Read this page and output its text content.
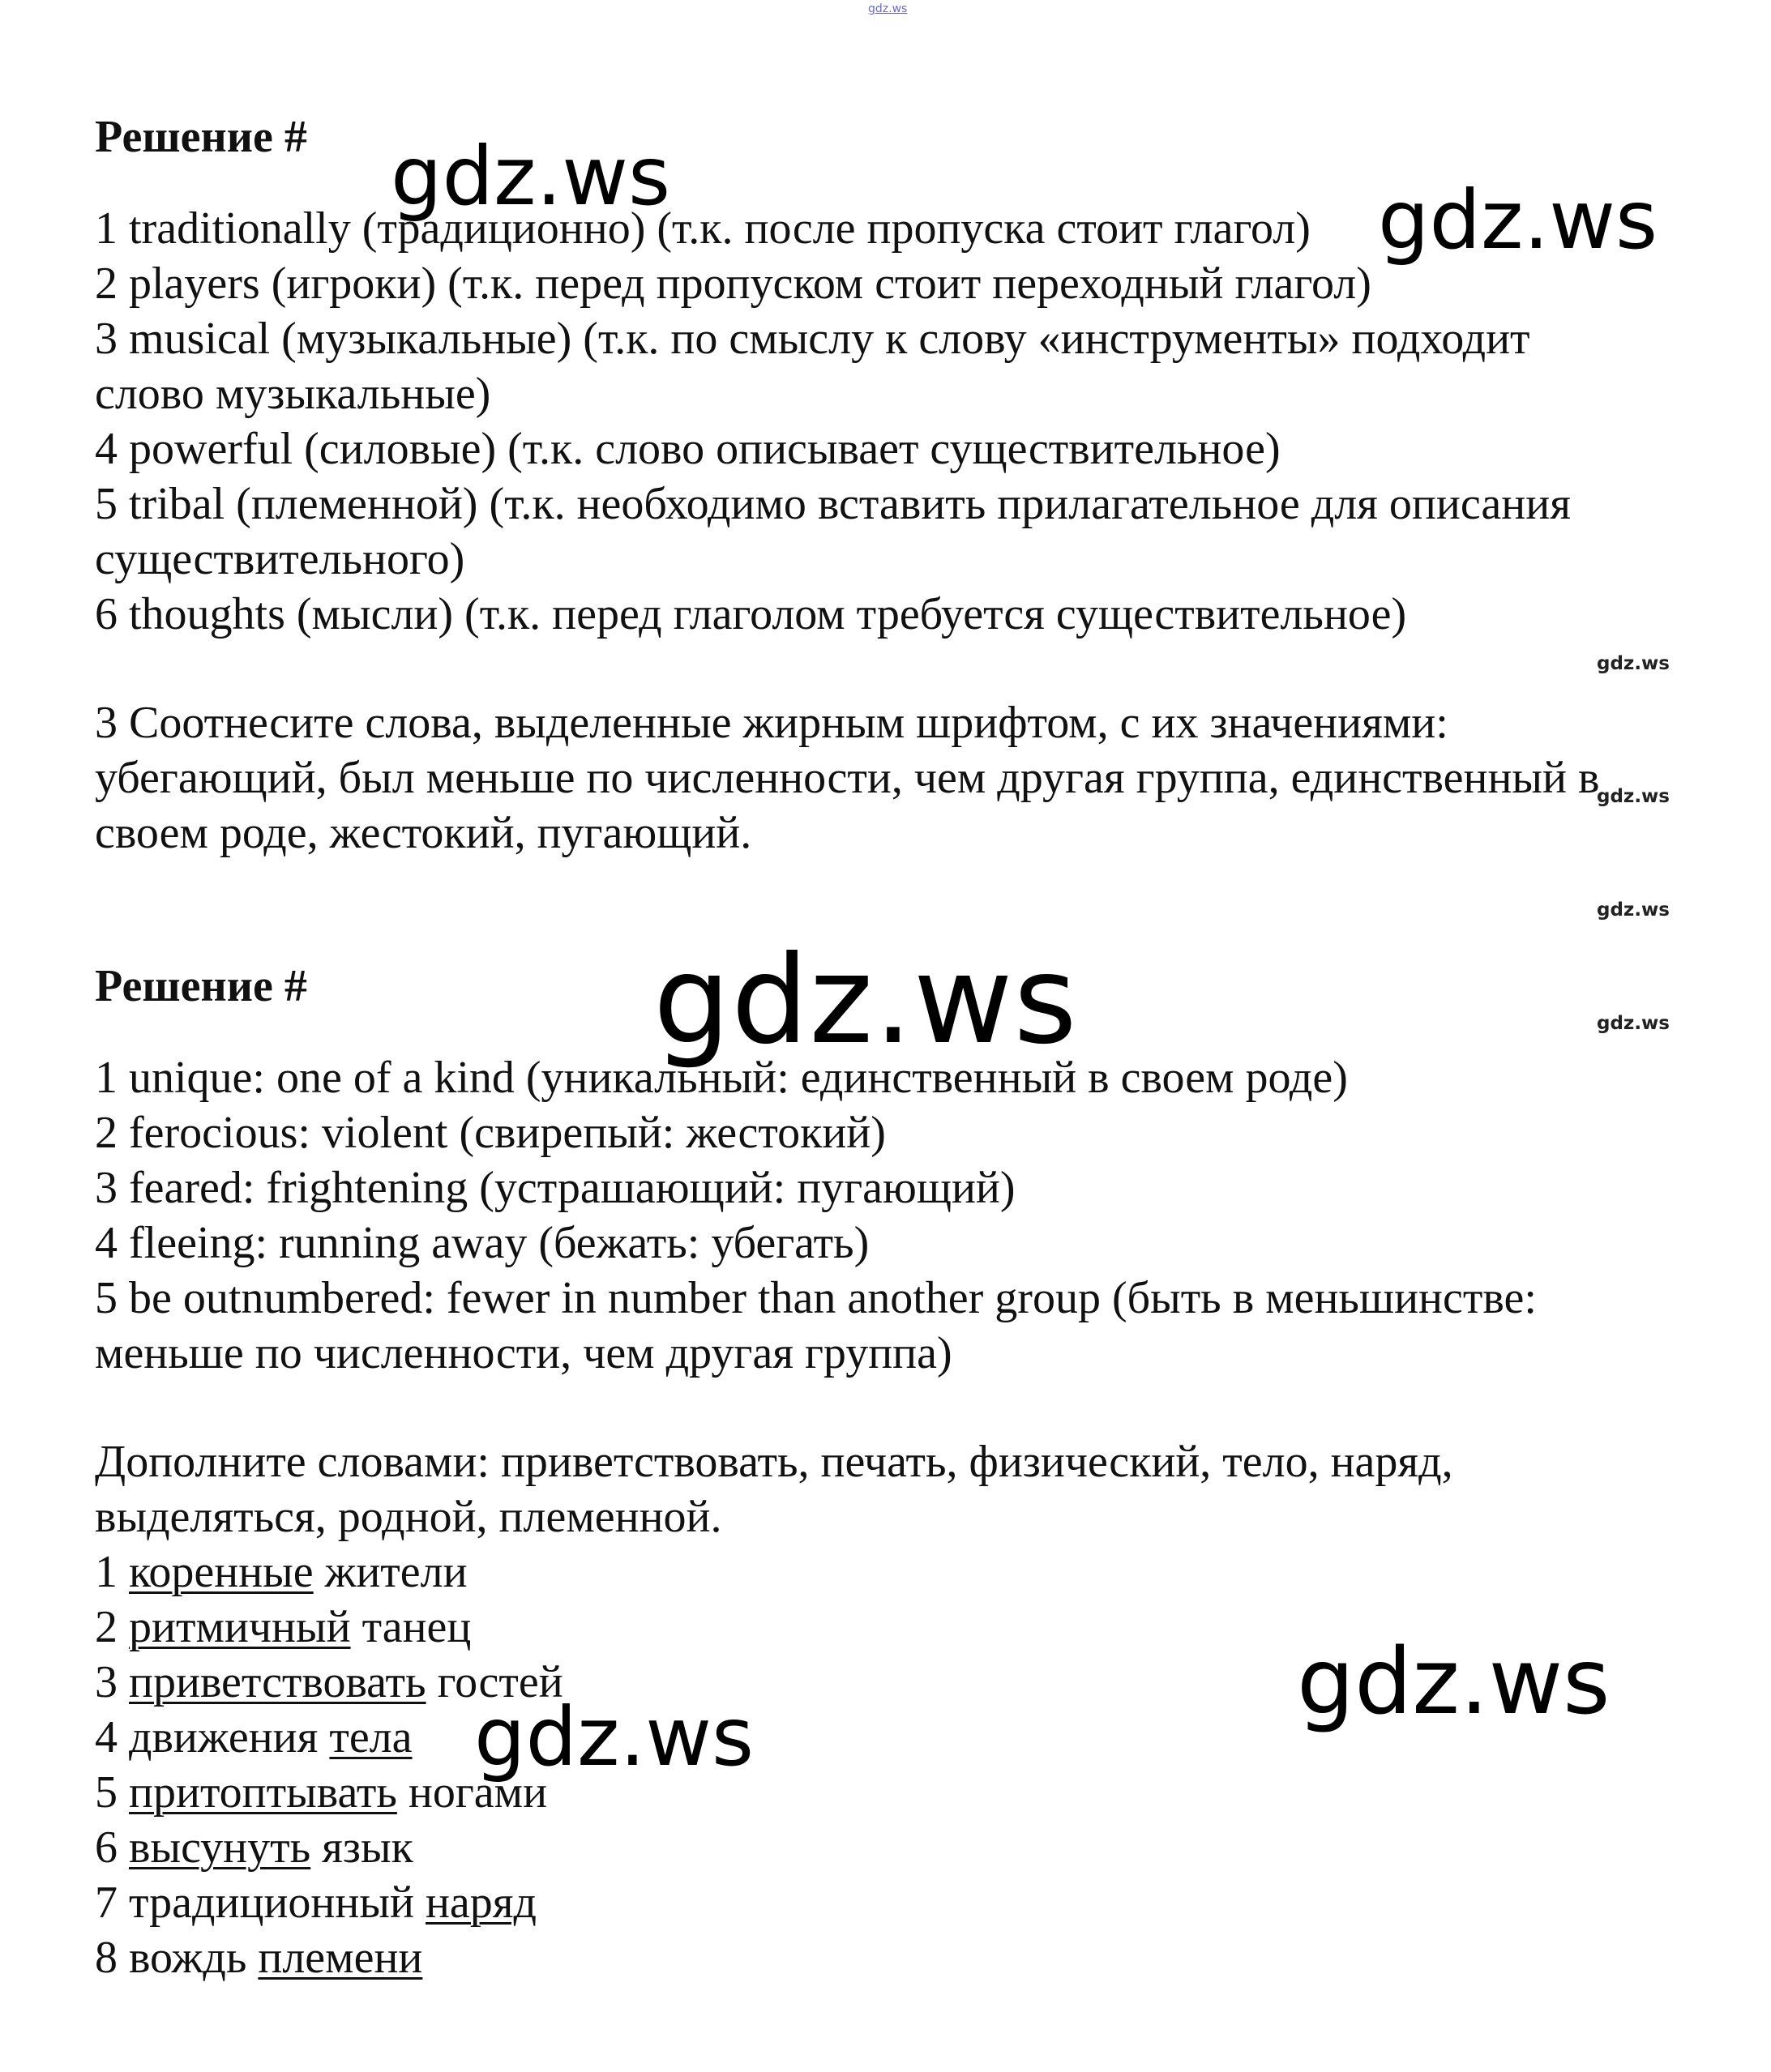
gdz.ws
Решение #
1 traditionally (традиционно) (т.к. после пропуска стоит глагол)
2 players (игроки) (т.к. перед пропуском стоит переходный глагол)
3 musical (музыкальные) (т.к. по смыслу к слову «инструменты» подходит
слово музыкальные)
4 powerful (силовые) (т.к. слово описывает существительное)
5 tribal (племенной) (т.к. необходимо вставить прилагательное для описания
существительного)
6 thoughts (мысли) (т.к. перед глаголом требуется существительное)
3 Соотнесите слова, выделенные жирным шрифтом, с их значениями:
убегающий, был меньше по численности, чем другая группа, единственный в
своем роде, жестокий, пугающий.
Решение #
1 unique: one of a kind (уникальный: единственный в своем роде)
2 ferocious: violent (свирепый: жестокий)
3 feared: frightening (устрашающий: пугающий)
4 fleeing: running away (бежать: убегать)
5 be outnumbered: fewer in number than another group (быть в меньшинстве:
меньше по численности, чем другая группа)
Дополните словами: приветствовать, печать, физический, тело, наряд,
выделяться, родной, племенной.
1 коренные жители
2 ритмичный танец
3 приветствовать гостей
4 движения тела
5 притоптывать ногами
6 высунуть язык
7 традиционный наряд
8 вождь племени
gdz.ws	gdz.ws
gdz.ws
gdz.ws
gdz.ws
gdz.ws
gdz.ws
gdz.ws
gdz.ws
